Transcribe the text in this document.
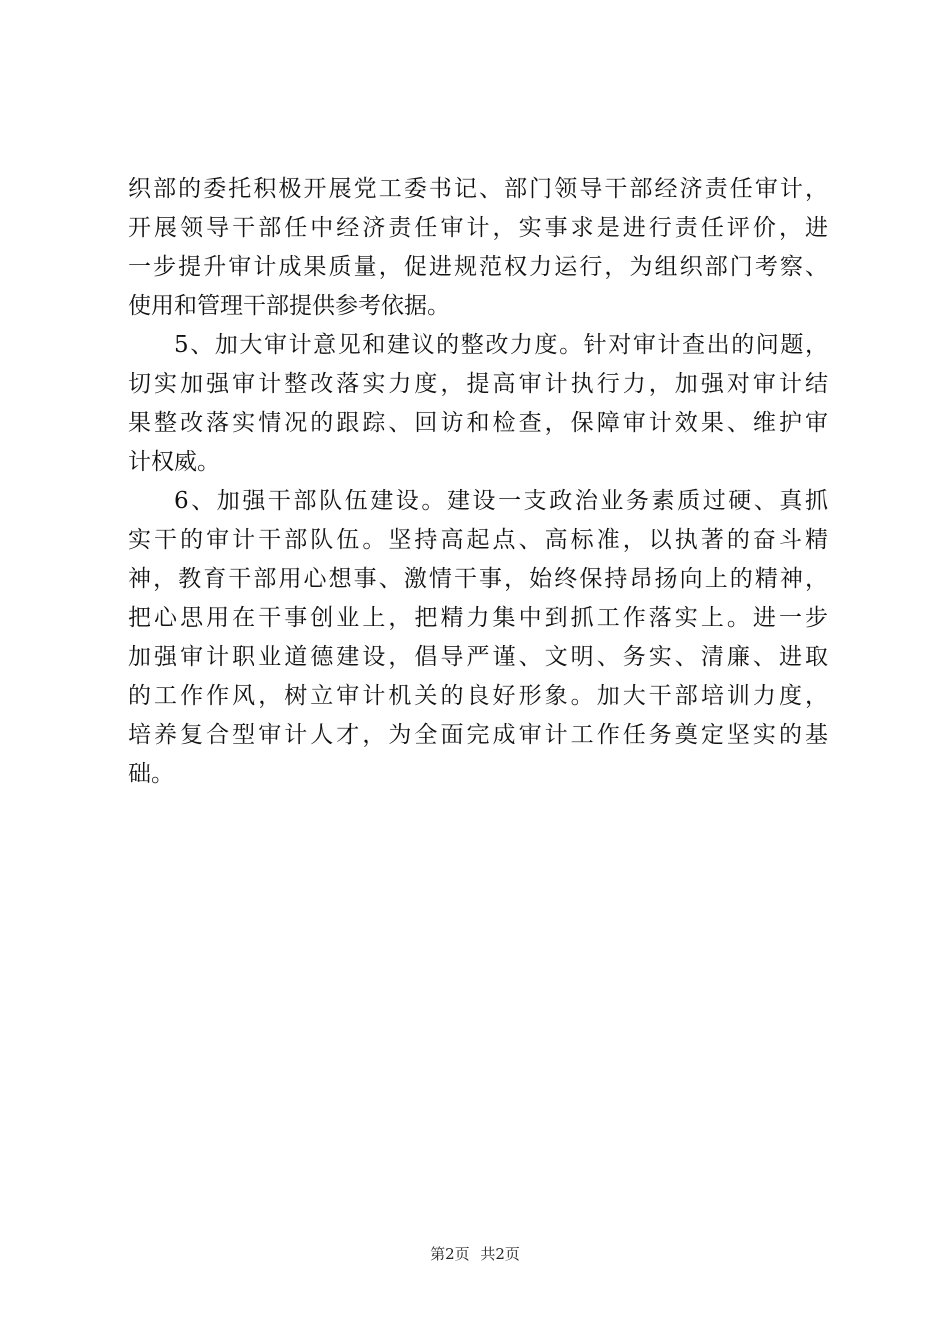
织部的委托积极开展党工委书记、部门领导干部经济责任审计，
开展领导干部任中经济责任审计，实事求是进行责任评价，进
一步提升审计成果质量，促进规范权力运行，为组织部门考察、
使用和管理干部提供参考依据。
5、加大审计意见和建议的整改力度。针对审计查出的问题，
切实加强审计整改落实力度，提高审计执行力，加强对审计结
果整改落实情况的跟踪、回访和检查，保障审计效果、维护审
计权威。
6、加强干部队伍建设。建设一支政治业务素质过硬、真抓
实干的审计干部队伍。坚持高起点、高标准，以执著的奋斗精
神，教育干部用心想事、激情干事，始终保持昂扬向上的精神，
把心思用在干事创业上，把精力集中到抓工作落实上。进一步
加强审计职业道德建设，倡导严谨、文明、务实、清廉、进取
的工作作风，树立审计机关的良好形象。加大干部培训力度，
培养复合型审计人才，为全面完成审计工作任务奠定坚实的基
础。
第2页 共2页
